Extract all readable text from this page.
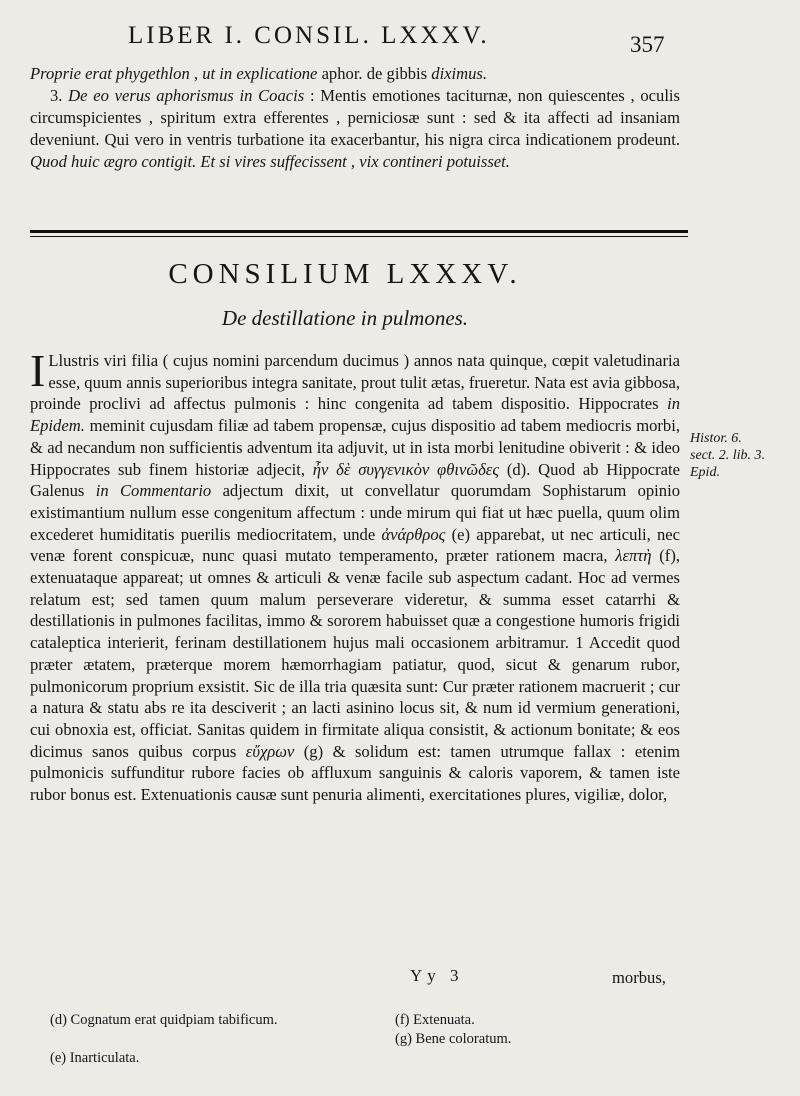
LIBER I. CONSIL. LXXXV.	357

Proprie erat phygethlon , ut in explicatione aphor. de gibbis diximus.

3. De eo verus aphorismus in Coacis : Mentis emotiones taciturnæ, non quiescentes , oculis circumspicientes , spiritum extra efferentes , perniciosæ sunt : sed & ita affecti ad insaniam deveniunt. Qui vero in ventris turbatione ita exacerbantur, his nigra circa indicationem prodeunt. Quod huic ægro contigit. Et si vires suffecissent , vix contineri potuisset.

CONSILIUM LXXXV.
De destillatione in pulmones.
I Llustris viri filia ( cujus nomini parcendum ducimus ) annos nata quinque, cœpit valetudinaria esse, quum annis superioribus integra sanitate, prout tulit ætas, frueretur. Nata est avia gibbosa, proinde proclivi ad affectus pulmonis : hinc congenita ad tabem dispositio. Hippocrates in Epidem. meminit cujusdam filiæ ad tabem propensæ, cujus dispositio ad tabem mediocris morbi, & ad necandum non sufficientis adventum ita adjuvit, ut in ista morbi lenitudine obiverit : & ideo Hippocrates sub finem historiæ adjecit, ἦν δὲ συγγενικὸν φθινῶδες (d). Quod ab Hippocrate Galenus in Commentario adjectum dixit, ut convellatur quorumdam Sophistarum opinio existimantium nullum esse congenitum affectum : unde mirum qui fiat ut hæc puella, quum olim excederet humiditatis puerilis mediocritatem, unde ἀνάρθρος (e) apparebat, ut nec articuli, nec venæ forent conspicuæ, nunc quasi mutato temperamento, præter rationem macra, λεπτὴ (f), extenuataque appareat; ut omnes & articuli & venæ facile sub aspectum cadant. Hoc ad vermes relatum est; sed tamen quum malum perseverare videretur, & summa esset catarrhi & destillationis in pulmones facilitas, immo & sororem habuisset quæ a congestione humoris frigidi cataleptica interierit, ferinam destillationem hujus mali occasionem arbitramur. 1 Accedit quod præter ætatem, præterque morem hæmorrhagiam patiatur, quod, sicut & genarum rubor, pulmonicorum proprium exsistit. Sic de illa tria quæsita sunt: Cur præter rationem macruerit ; cur a natura & statu abs re ita desciverit ; an lacti asinino locus sit, & num id vermium generationi, cui obnoxia est, officiat. Sanitas quidem in firmitate aliqua consistit, & actionum bonitate; & eos dicimus sanos quibus corpus εὔχρων (g) & solidum est: tamen utrumque fallax : etenim pulmonicis suffunditur rubore facies ob affluxum sanguinis & caloris vaporem, & tamen iste rubor bonus est. Extenuationis causæ sunt penuria alimenti, exercitationes plures, vigiliæ, dolor,
Histor. 6.
sect. 2. lib. 3.
Epid.
Yy 3	morbus,
(d) Cognatum erat quidpiam tabificum.
(e) Inarticulata.
(f) Extenuata.
(g) Bene coloratum.
